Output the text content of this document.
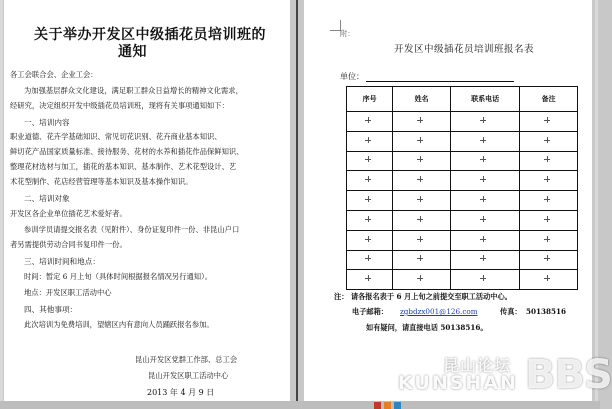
关于举办开发区中级插花员培训班的
通知
各工会联合会、企业工会：
为加强基层群众文化建设，满足职工群众日益增长的精神文化需求，
经研究，决定组织开发中级插花员培训班，现将有关事项通知如下：
一、培训内容
职业道德、花卉学基础知识、常见切花识别、花卉商业基本知识、
鲜切花产品国家质量标准、接待服务、花材的水养和插花作品保鲜知识、
整理花材选材与加工，插花的基本知识、基本制作、艺术花型设计、艺
术花型制作、花店经营管理等基本知识及基本操作知识。
二、培训对象
开发区各企业单位插花艺术爱好者。
参训学员请提交报名表（见附件）、身份证复印件一份、非昆山户口
者另需提供劳动合同书复印件一份。
三、培训时间和地点：
时间：暂定 6 月上旬（具体时间根据报名情况另行通知）。
地点：开发区职工活动中心
四、其他事项：
此次培训为免费培训，望辖区内有意向人员踊跃报名参加。
昆山开发区党群工作部、总工会
昆山开发区职工活动中心
2013 年 4 月 9 日
附：
开发区中级插花员培训班报名表
单位：
序号	姓名	联系电话	备注

注： 请各报名表于 6 月上旬之前提交至职工活动中心。
电子邮箱： zgbdzx001@126.com	传真： 50138516
如有疑问，请直接电话 50138516。
昆山论坛
KUNSHAN BBS
